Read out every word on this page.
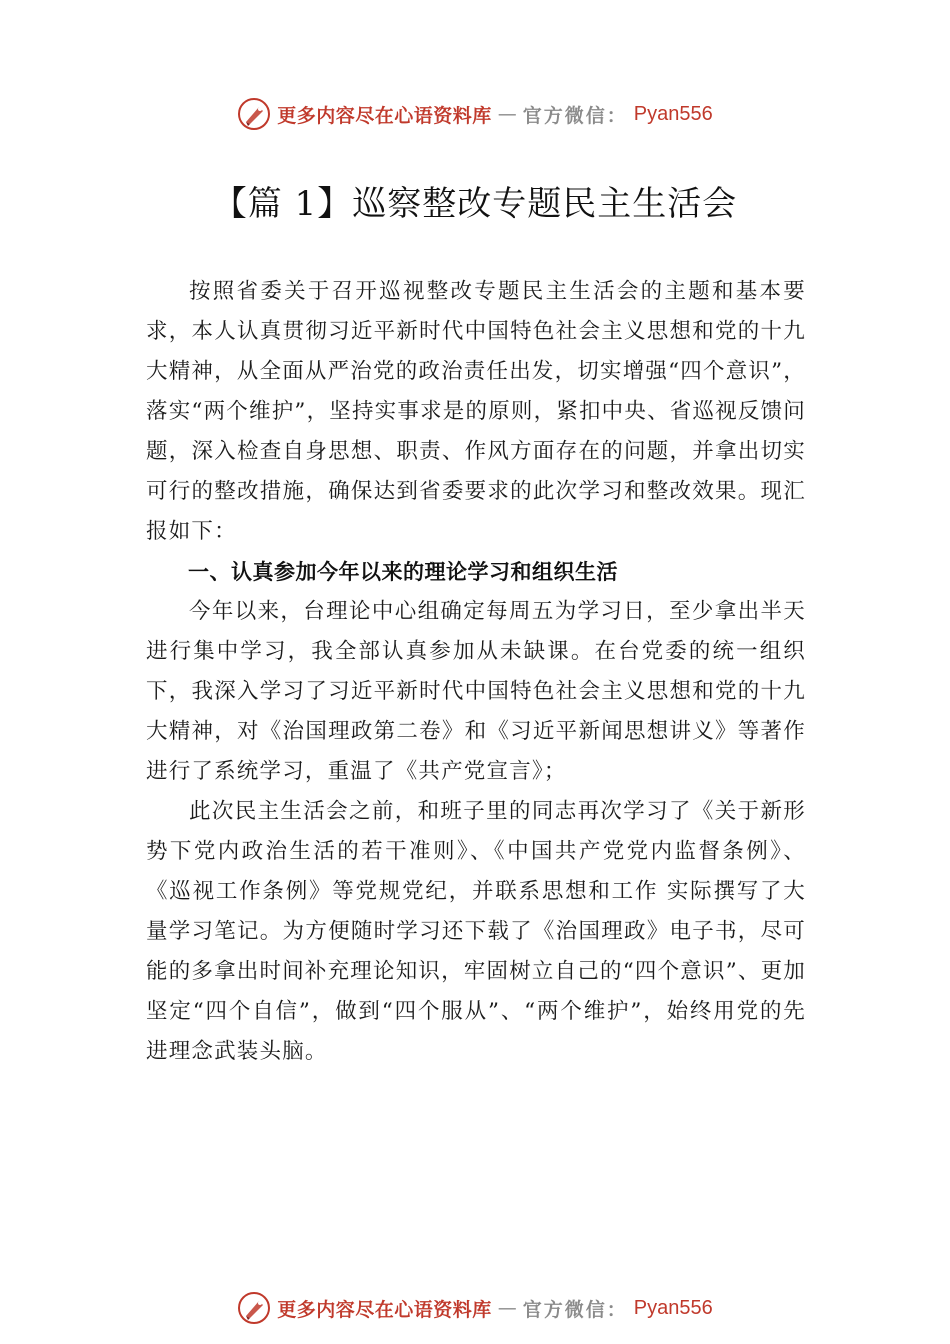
更多内容尽在心语资料库 — 官方微信： Pyan556
【篇 1】巡察整改专题民主生活会

按照省委关于召开巡视整改专题民主生活会的主题和基本要求，本人认真贯彻习近平新时代中国特色社会主义思想和党的十九大精神，从全面从严治党的政治责任出发，切实增强“四个意识”，落实“两个维护”，坚持实事求是的原则，紧扣中央、省巡视反馈问题，深入检查自身思想、职责、作风方面存在的问题，并拿出切实可行的整改措施，确保达到省委要求的此次学习和整改效果。现汇报如下：

一、认真参加今年以来的理论学习和组织生活

今年以来，台理论中心组确定每周五为学习日，至少拿出半天进行集中学习，我全部认真参加从未缺课。在台党委的统一组织下，我深入学习了习近平新时代中国特色社会主义思想和党的十九大精神，对《治国理政第二卷》和《习近平新闻思想讲义》等著作进行了系统学习，重温了《共产党宣言》；

此次民主生活会之前，和班子里的同志再次学习了《关于新形势下党内政治生活的若干准则》、《中国共产党党内监督条例》、《巡视工作条例》等党规党纪，并联系思想和工作 实际撰写了大量学习笔记。为方便随时学习还下载了《治国理政》电子书，尽可能的多拿出时间补充理论知识，牢固树立自己的“四个意识”、更加坚定“四个自信”，做到“四个服从”、“两个维护”，始终用党的先进理念武装头脑。

更多内容尽在心语资料库 — 官方微信： Pyan556
